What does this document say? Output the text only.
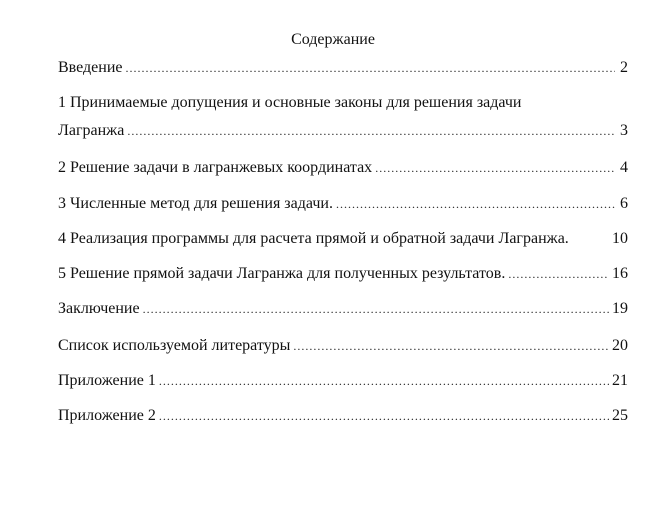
Содержание
Введение .....	2
1 Принимаемые допущения и основные законы для решения задачи
Лагранжа .....	3
2 Решение задачи в лагранжевых координатах .....	4
3 Численные метод для решения задачи. .....	6
4 Реализация программы для расчета прямой и обратной задачи Лагранжа.	10
5 Решение прямой задачи Лагранжа для полученных результатов. .....	16
Заключение .....	19
Список используемой литературы .....	20
Приложение 1 .....	21
Приложение 2 .....	25
